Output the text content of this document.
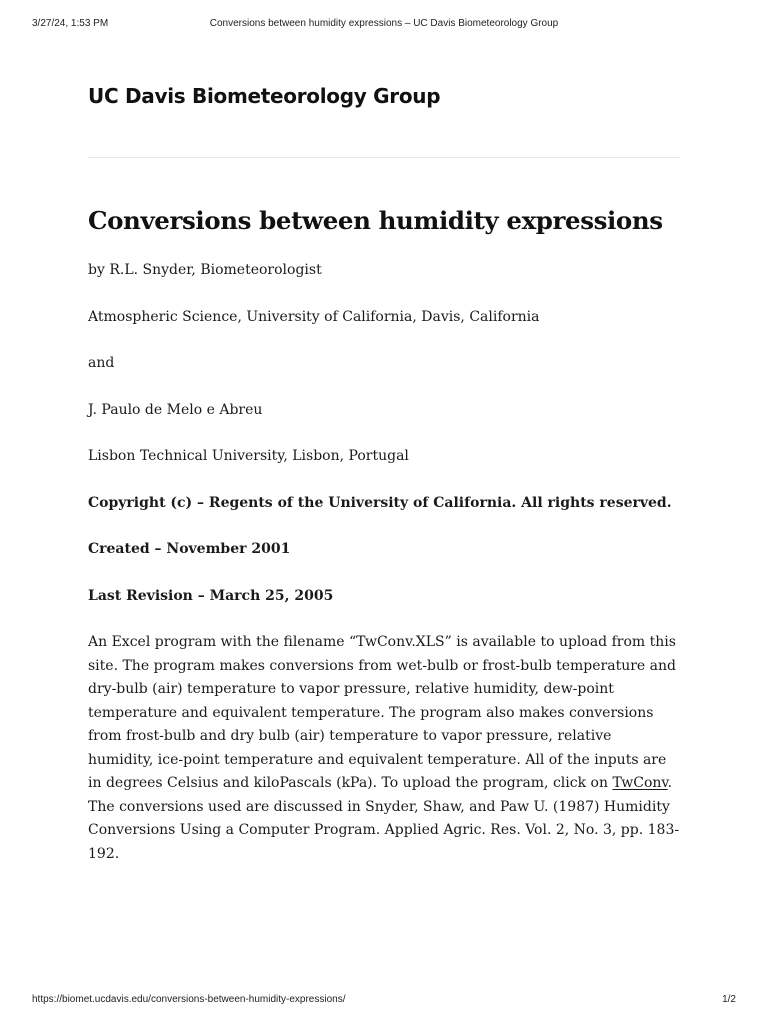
3/27/24, 1:53 PM	Conversions between humidity expressions – UC Davis Biometeorology Group
UC Davis Biometeorology Group
Conversions between humidity expressions

by R.L. Snyder, Biometeorologist

Atmospheric Science, University of California, Davis, California

and

J. Paulo de Melo e Abreu

Lisbon Technical University, Lisbon, Portugal

Copyright (c) – Regents of the University of California. All rights reserved.

Created – November 2001

Last Revision – March 25, 2005

An Excel program with the filename “TwConv.XLS” is available to upload from this site. The program makes conversions from wet-bulb or frost-bulb temperature and dry-bulb (air) temperature to vapor pressure, relative humidity, dew-point temperature and equivalent temperature. The program also makes conversions from frost-bulb and dry bulb (air) temperature to vapor pressure, relative humidity, ice-point temperature and equivalent temperature. All of the inputs are in degrees Celsius and kiloPascals (kPa). To upload the program, click on TwConv. The conversions used are discussed in Snyder, Shaw, and Paw U. (1987) Humidity Conversions Using a Computer Program. Applied Agric. Res. Vol. 2, No. 3, pp. 183-192.

https://biomet.ucdavis.edu/conversions-between-humidity-expressions/	1/2
